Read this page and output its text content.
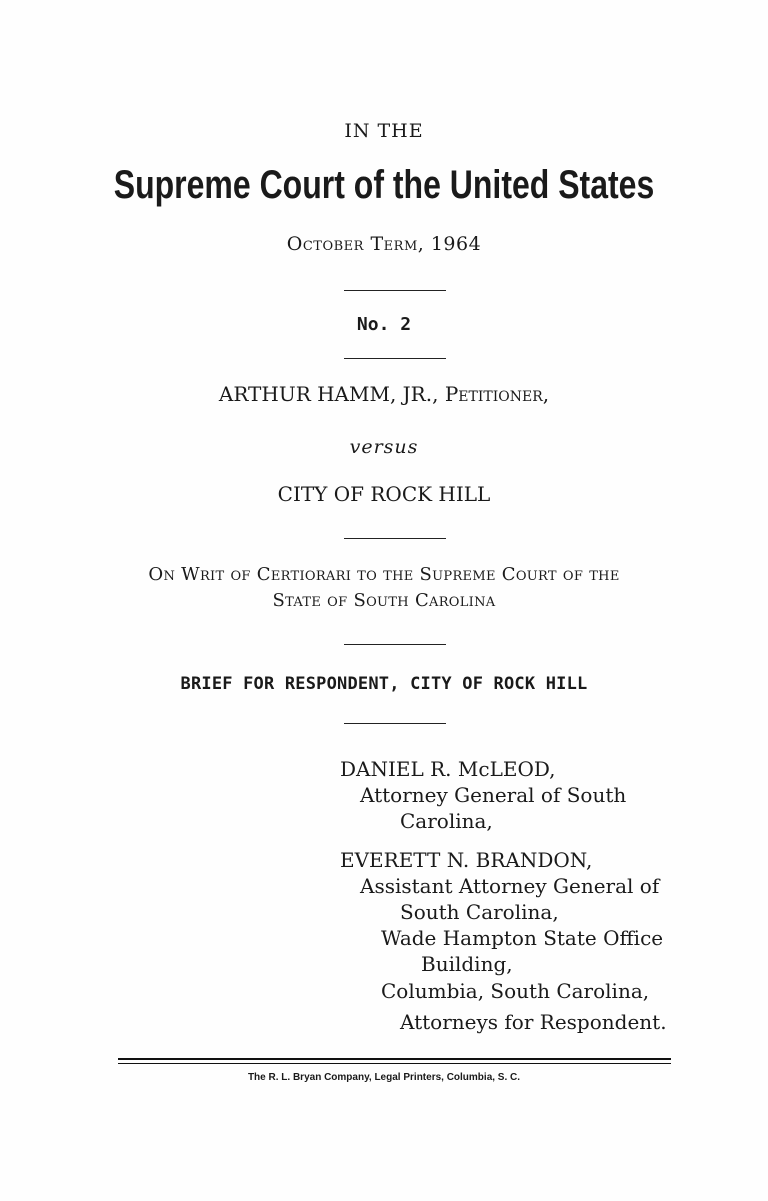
IN THE
Supreme Court of the United States
October Term, 1964
No. 2
ARTHUR HAMM, JR., Petitioner,
versus
CITY OF ROCK HILL
On Writ of Certiorari to the Supreme Court of the
State of South Carolina
BRIEF FOR RESPONDENT, CITY OF ROCK HILL
DANIEL R. McLEOD,
Attorney General of South
Carolina,
EVERETT N. BRANDON,
Assistant Attorney General of
South Carolina,
Wade Hampton State Office
Building,
Columbia, South Carolina,
Attorneys for Respondent.
The R. L. Bryan Company, Legal Printers, Columbia, S. C.
